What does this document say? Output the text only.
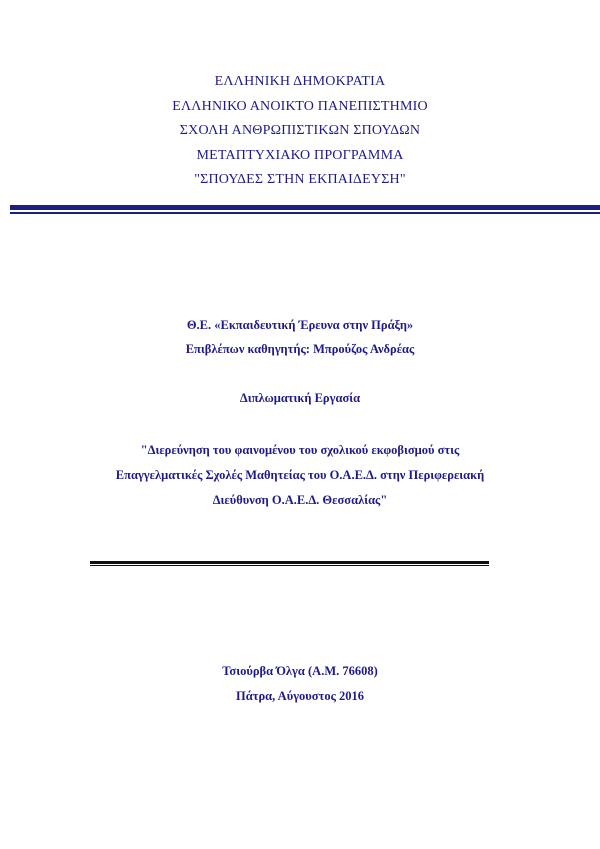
ΕΛΛΗΝΙΚΗ ΔΗΜΟΚΡΑΤΙΑ
ΕΛΛΗΝΙΚΟ ΑΝΟΙΚΤΟ ΠΑΝΕΠΙΣΤΗΜΙΟ
ΣΧΟΛΗ ΑΝΘΡΩΠΙΣΤΙΚΩΝ ΣΠΟΥΔΩΝ
ΜΕΤΑΠΤΥΧΙΑΚΟ ΠΡΟΓΡΑΜΜΑ
"ΣΠΟΥΔΕΣ ΣΤΗΝ ΕΚΠΑΙΔΕΥΣΗ"
Θ.Ε. «Εκπαιδευτική Έρευνα στην Πράξη»
Επιβλέπων καθηγητής: Μπρούζος Ανδρέας
Διπλωματική Εργασία
"Διερεύνηση του φαινομένου του σχολικού εκφοβισμού στις
Επαγγελματικές Σχολές Μαθητείας του Ο.Α.Ε.Δ. στην Περιφερειακή
Διεύθυνση Ο.Α.Ε.Δ. Θεσσαλίας"
Τσιούρβα Όλγα (Α.Μ. 76608)
Πάτρα, Αύγουστος 2016
